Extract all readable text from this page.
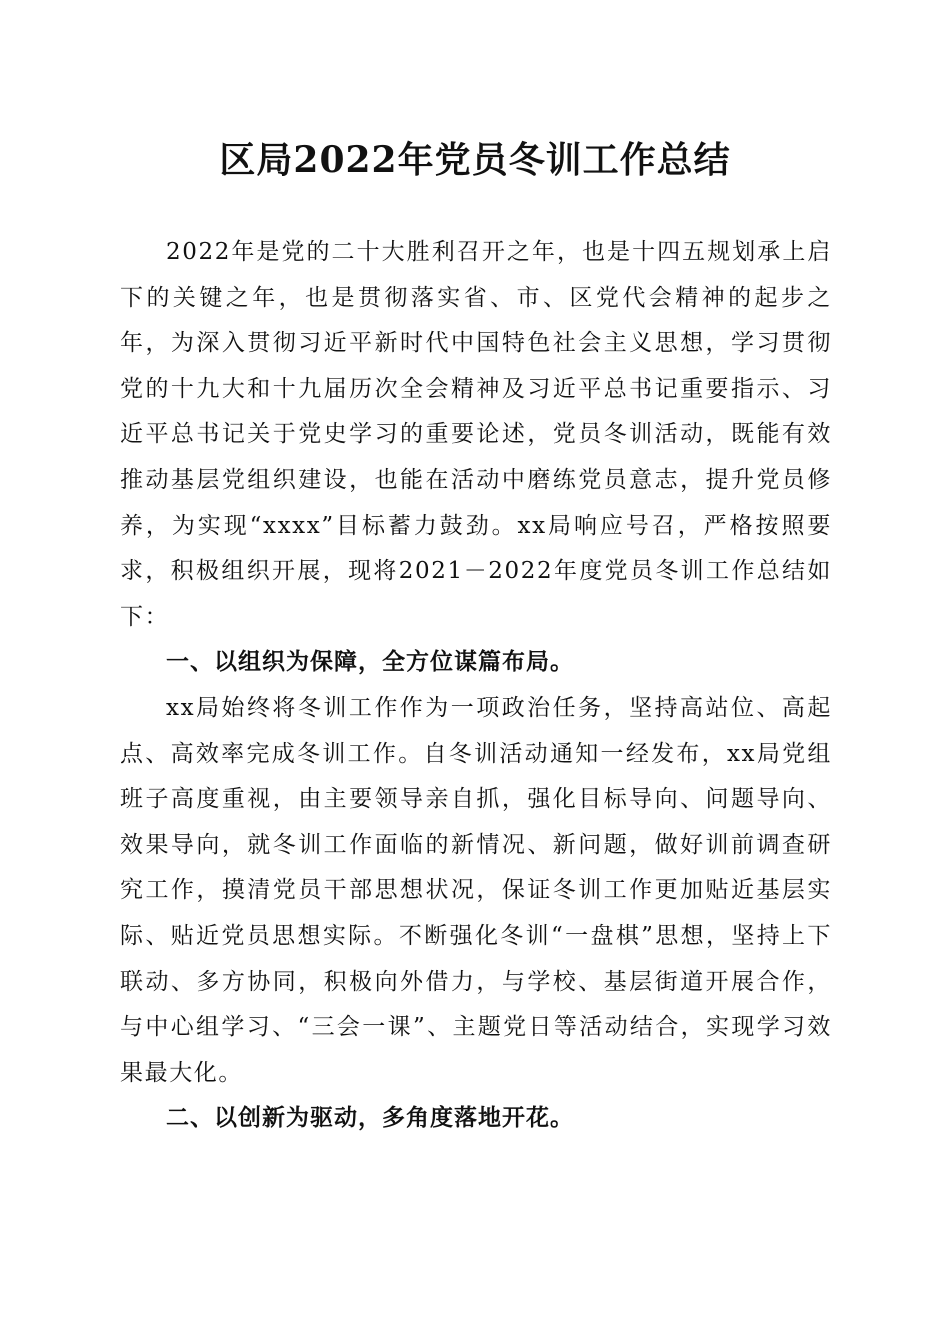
区局2022年党员冬训工作总结

2022年是党的二十大胜利召开之年，也是十四五规划承上启下的关键之年，也是贯彻落实省、市、区党代会精神的起步之年，为深入贯彻习近平新时代中国特色社会主义思想，学习贯彻党的十九大和十九届历次全会精神及习近平总书记重要指示、习近平总书记关于党史学习的重要论述，党员冬训活动，既能有效推动基层党组织建设，也能在活动中磨练党员意志，提升党员修养，为实现“xxxx”目标蓄力鼓劲。xx局响应号召，严格按照要求，积极组织开展，现将2021－2022年度党员冬训工作总结如下：

一、以组织为保障，全方位谋篇布局。

xx局始终将冬训工作作为一项政治任务，坚持高站位、高起点、高效率完成冬训工作。自冬训活动通知一经发布，xx局党组班子高度重视，由主要领导亲自抓，强化目标导向、问题导向、效果导向，就冬训工作面临的新情况、新问题，做好训前调查研究工作，摸清党员干部思想状况，保证冬训工作更加贴近基层实际、贴近党员思想实际。不断强化冬训“一盘棋”思想，坚持上下联动、多方协同，积极向外借力，与学校、基层街道开展合作，与中心组学习、“三会一课”、主题党日等活动结合，实现学习效果最大化。

二、以创新为驱动，多角度落地开花。
